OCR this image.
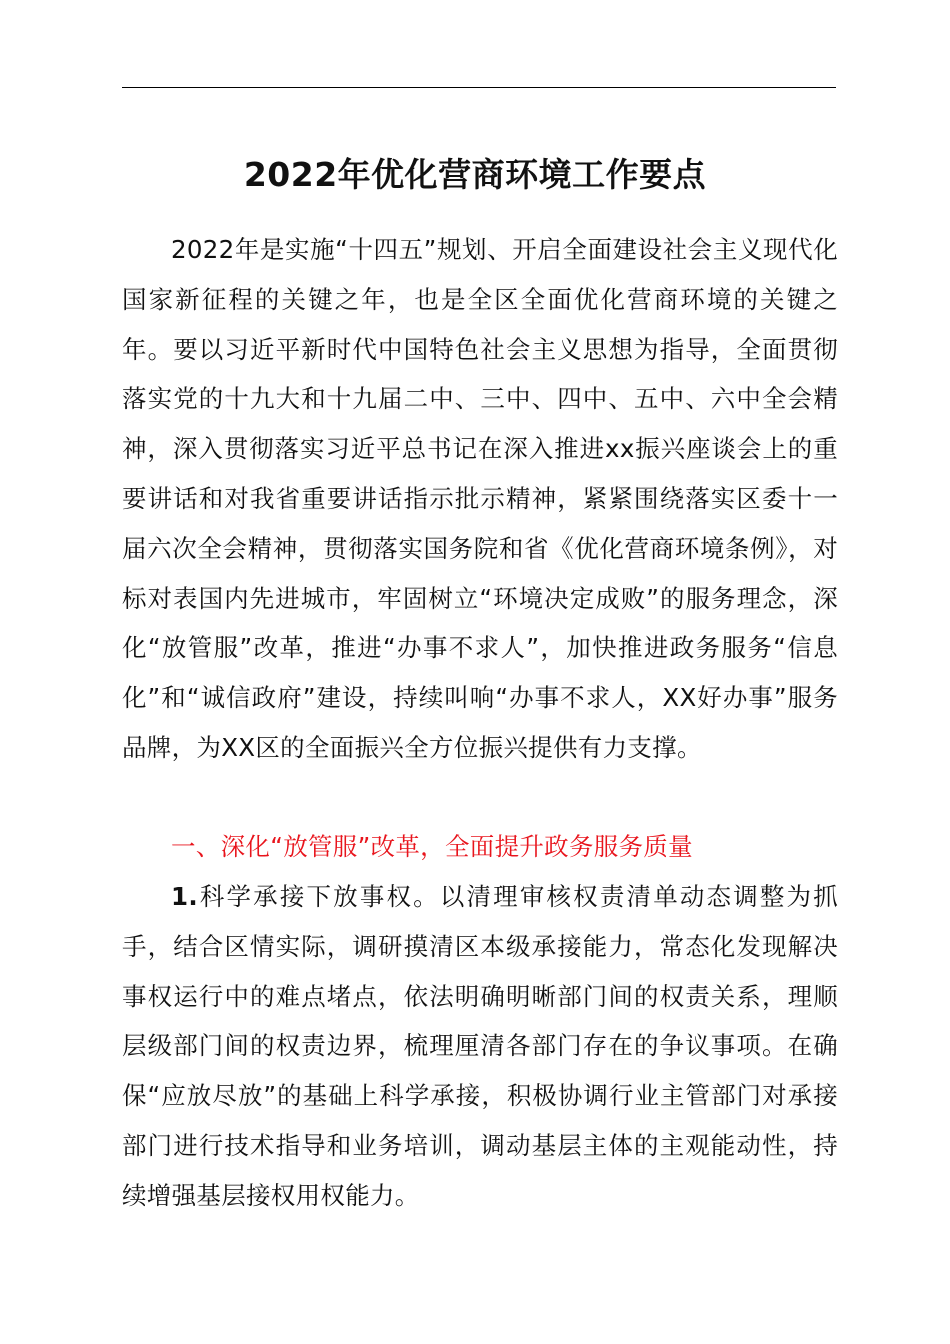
2022年优化营商环境工作要点

2022年是实施“十四五”规划、开启全面建设社会主义现代化国家新征程的关键之年，也是全区全面优化营商环境的关键之年。要以习近平新时代中国特色社会主义思想为指导，全面贯彻落实党的十九大和十九届二中、三中、四中、五中、六中全会精神，深入贯彻落实习近平总书记在深入推进xx振兴座谈会上的重要讲话和对我省重要讲话指示批示精神，紧紧围绕落实区委十一届六次全会精神，贯彻落实国务院和省《优化营商环境条例》，对标对表国内先进城市，牢固树立“环境决定成败”的服务理念，深化“放管服”改革，推进“办事不求人”，加快推进政务服务“信息化”和“诚信政府”建设，持续叫响“办事不求人，XX好办事”服务品牌，为XX区的全面振兴全方位振兴提供有力支撑。

一、深化“放管服”改革，全面提升政务服务质量

1.科学承接下放事权。以清理审核权责清单动态调整为抓手，结合区情实际，调研摸清区本级承接能力，常态化发现解决事权运行中的难点堵点，依法明确明晰部门间的权责关系，理顺层级部门间的权责边界，梳理厘清各部门存在的争议事项。在确保“应放尽放”的基础上科学承接，积极协调行业主管部门对承接部门进行技术指导和业务培训，调动基层主体的主观能动性，持续增强基层接权用权能力。
